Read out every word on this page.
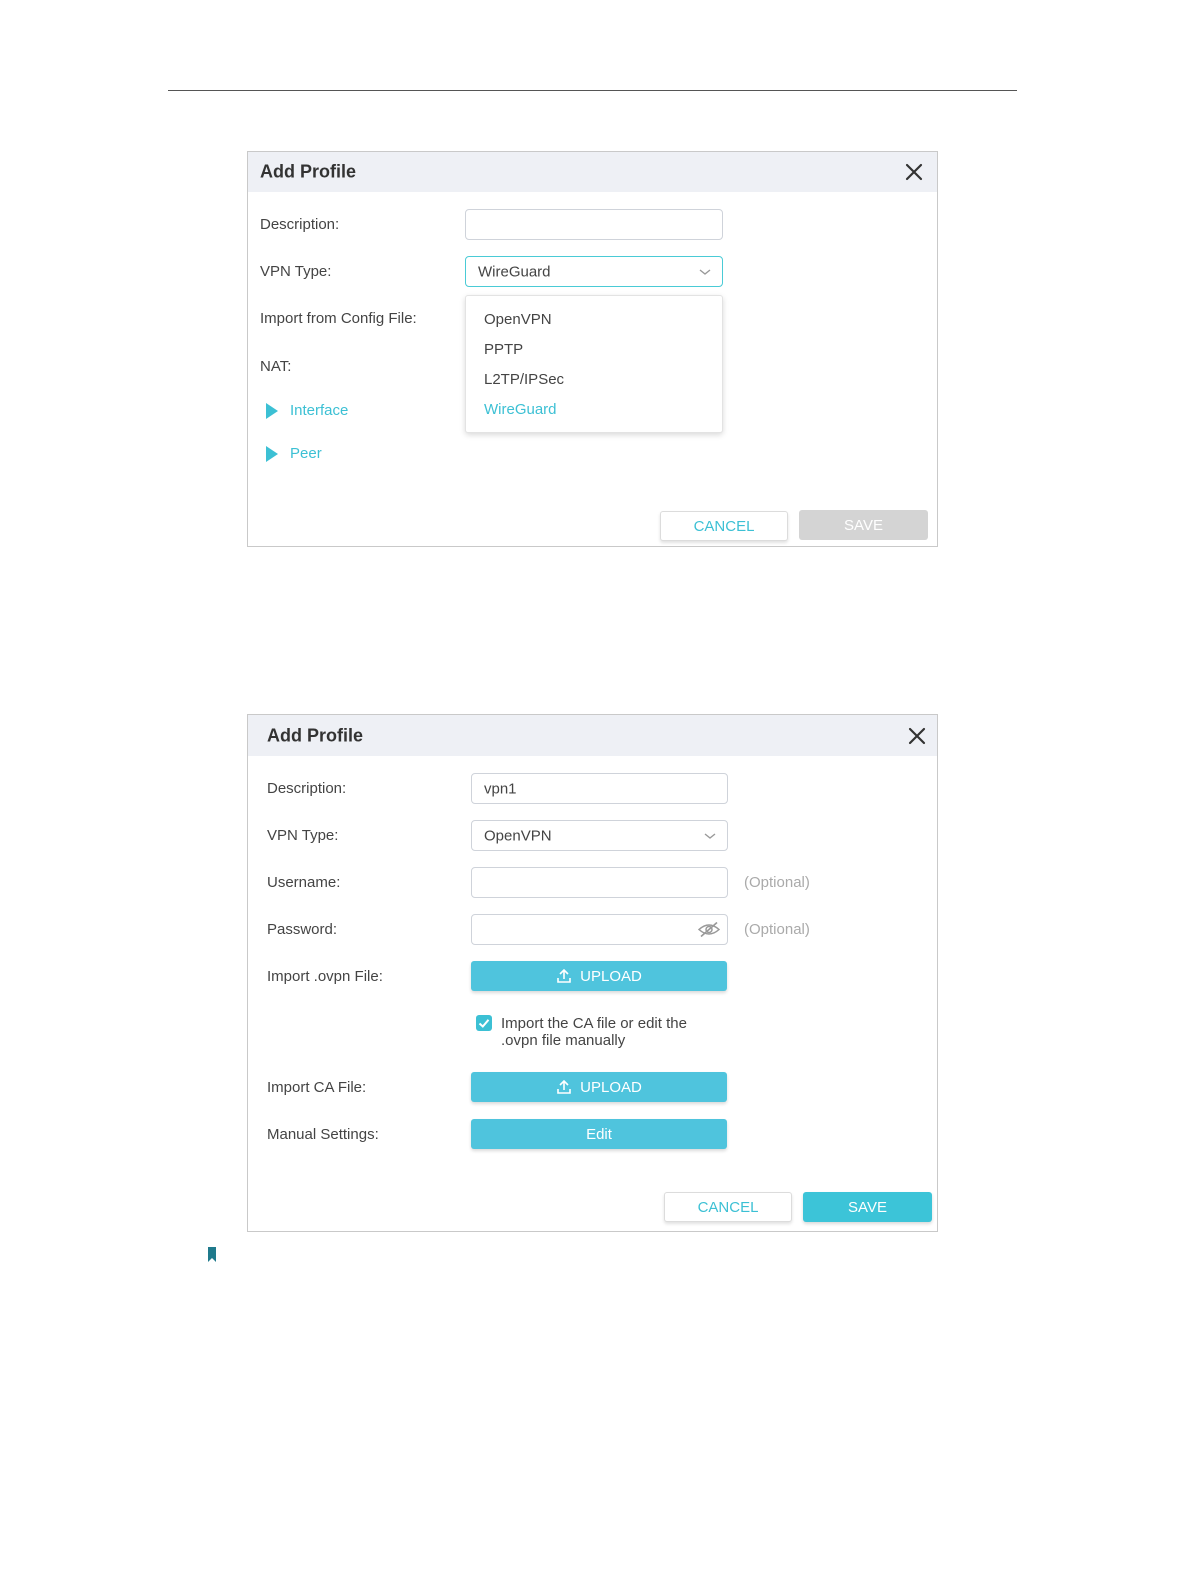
Add Profile
Description:
VPN Type:	WireGuard
Import from Config File:
NAT:
Interface
Peer
OpenVPN
PPTP
L2TP/IPSec
WireGuard
CANCEL	SAVE
Add Profile
Description:	vpn1
VPN Type:	OpenVPN
Username:	(Optional)
Password:	(Optional)
Import .ovpn File:	UPLOAD
Import the CA file or edit the .ovpn file manually
Import CA File:	UPLOAD
Manual Settings:	Edit
CANCEL	SAVE
